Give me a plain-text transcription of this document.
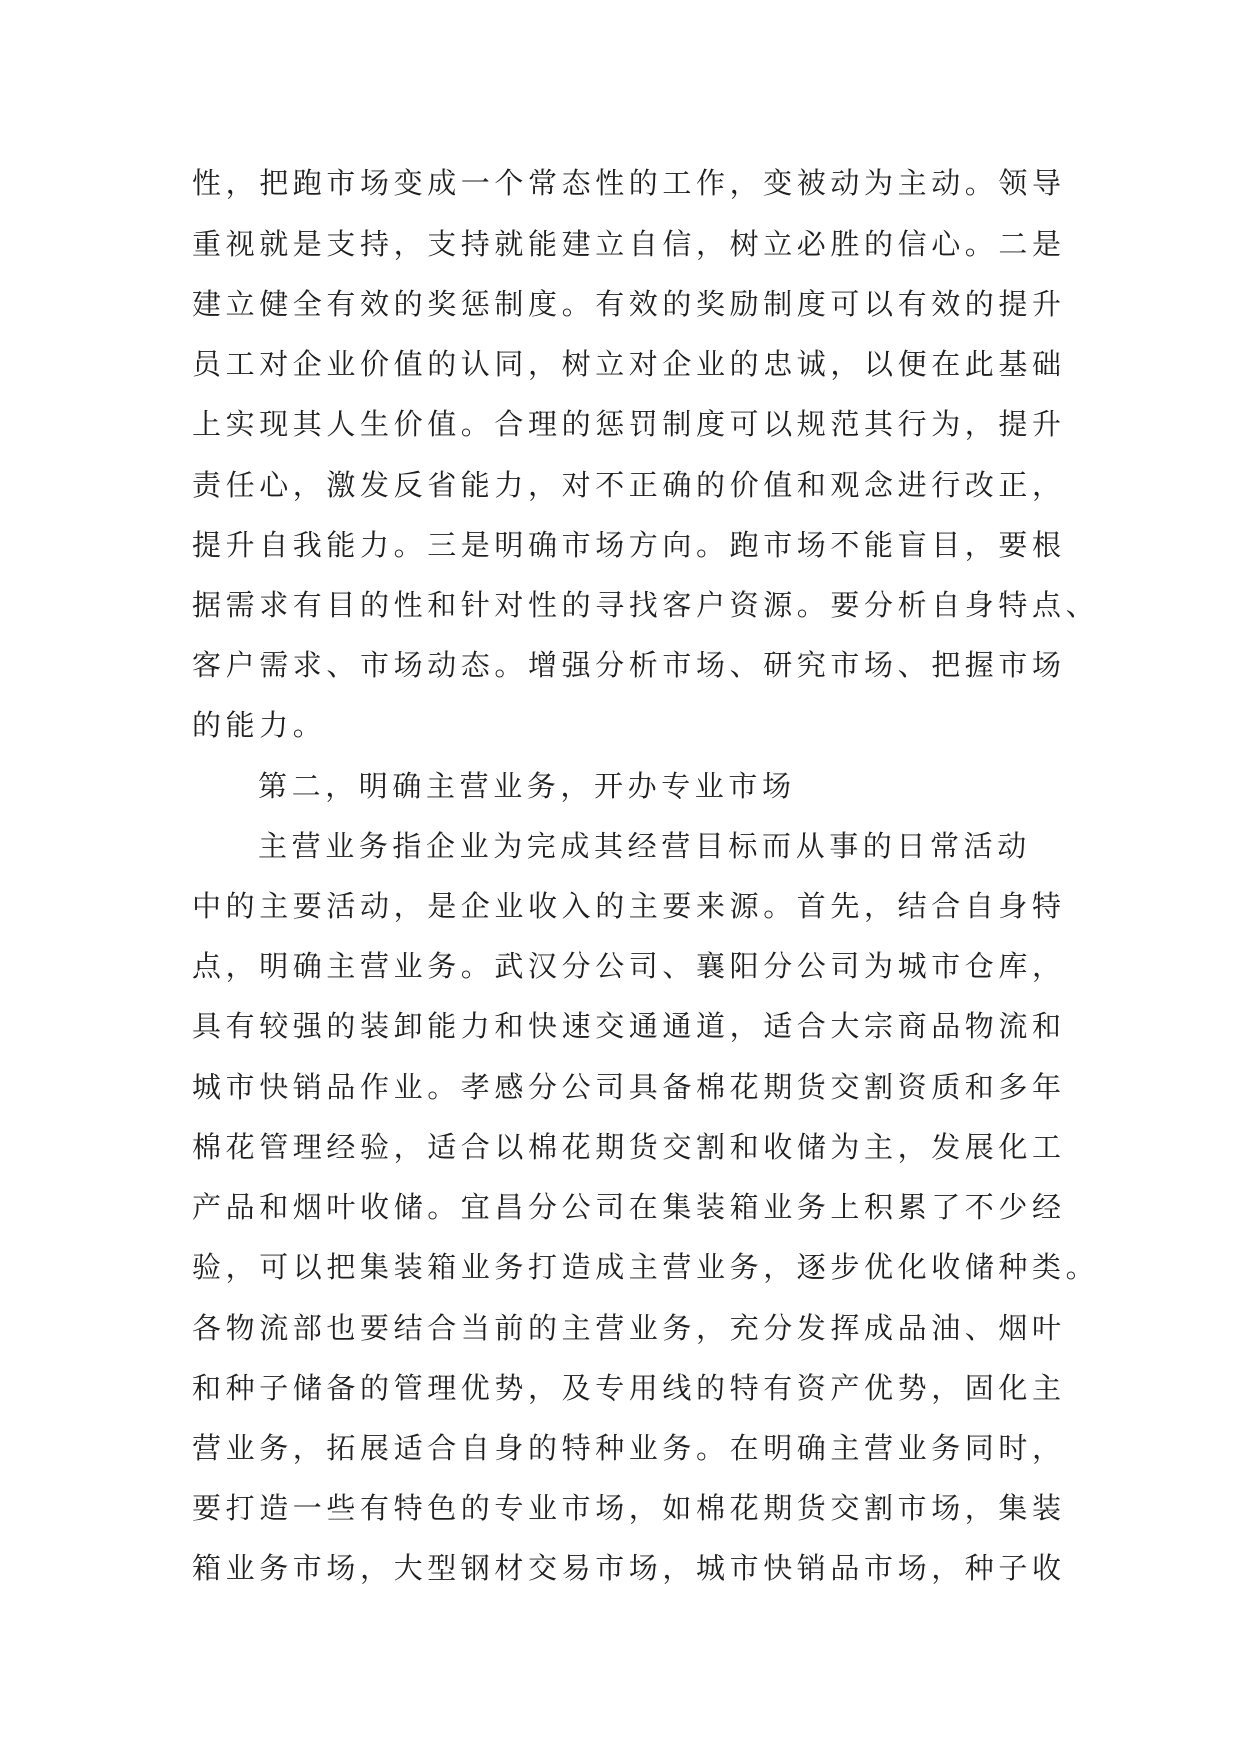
性，把跑市场变成一个常态性的工作，变被动为主动。领导
重视就是支持，支持就能建立自信，树立必胜的信心。二是
建立健全有效的奖惩制度。有效的奖励制度可以有效的提升
员工对企业价值的认同，树立对企业的忠诚，以便在此基础
上实现其人生价值。合理的惩罚制度可以规范其行为，提升
责任心，激发反省能力，对不正确的价值和观念进行改正，
提升自我能力。三是明确市场方向。跑市场不能盲目，要根
据需求有目的性和针对性的寻找客户资源。要分析自身特点、
客户需求、市场动态。增强分析市场、研究市场、把握市场
的能力。
第二，明确主营业务，开办专业市场
主营业务指企业为完成其经营目标而从事的日常活动
中的主要活动，是企业收入的主要来源。首先，结合自身特
点，明确主营业务。武汉分公司、襄阳分公司为城市仓库，
具有较强的装卸能力和快速交通通道，适合大宗商品物流和
城市快销品作业。孝感分公司具备棉花期货交割资质和多年
棉花管理经验，适合以棉花期货交割和收储为主，发展化工
产品和烟叶收储。宜昌分公司在集装箱业务上积累了不少经
验，可以把集装箱业务打造成主营业务，逐步优化收储种类。
各物流部也要结合当前的主营业务，充分发挥成品油、烟叶
和种子储备的管理优势，及专用线的特有资产优势，固化主
营业务，拓展适合自身的特种业务。在明确主营业务同时，
要打造一些有特色的专业市场，如棉花期货交割市场，集装
箱业务市场，大型钢材交易市场，城市快销品市场，种子收
